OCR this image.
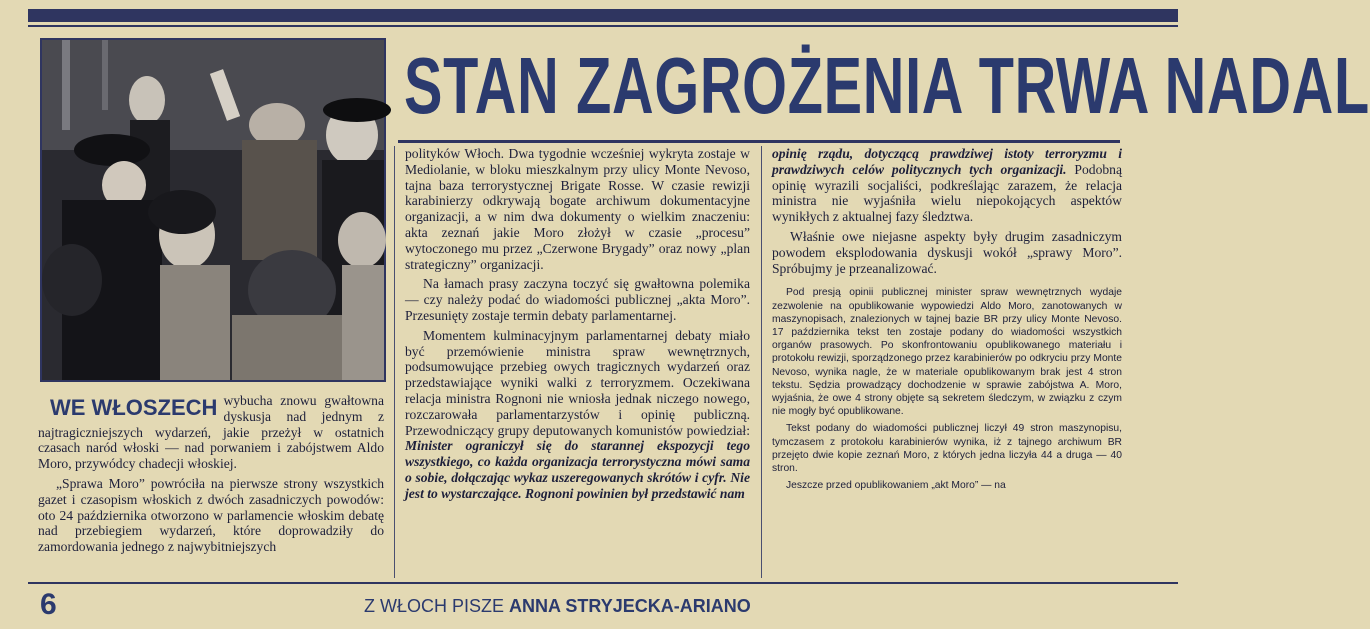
STAN ZAGROŻENIA TRWA NADAL

WE WŁOSZECH wybucha znowu gwałtowna dyskusja nad jednym z najtragiczniejszych wydarzeń, jakie przeżył w ostatnich czasach naród włoski — nad porwaniem i zabójstwem Aldo Moro, przywódcy chadecji włoskiej.

„Sprawa Moro” powróciła na pierwsze strony wszystkich gazet i czasopism włoskich z dwóch zasadniczych powodów: oto 24 października otworzono w parlamencie włoskim debatę nad przebiegiem wydarzeń, które doprowadziły do zamordowania jednego z najwybitniejszych

polityków Włoch. Dwa tygodnie wcześniej wykryta zostaje w Mediolanie, w bloku mieszkalnym przy ulicy Monte Nevoso, tajna baza terrorystycznej Brigate Rosse. W czasie rewizji karabinierzy odkrywają bogate archiwum dokumentacyjne organizacji, a w nim dwa dokumenty o wielkim znaczeniu: akta zeznań jakie Moro złożył w czasie „procesu” wytoczonego mu przez „Czerwone Brygady” oraz nowy „plan strategiczny” organizacji.

Na łamach prasy zaczyna toczyć się gwałtowna polemika — czy należy podać do wiadomości publicznej „akta Moro”. Przesunięty zostaje termin debaty parlamentarnej.

Momentem kulminacyjnym parlamentarnej debaty miało być przemówienie ministra spraw wewnętrznych, podsumowujące przebieg owych tragicznych wydarzeń oraz przedstawiające wyniki walki z terroryzmem. Oczekiwana relacja ministra Rognoni nie wniosła jednak niczego nowego, rozczarowała parlamentarzystów i opinię publiczną. Przewodniczący grupy deputowanych komunistów powiedział: Minister ograniczył się do starannej ekspozycji tego wszystkiego, co każda organizacja terrorystyczna mówi sama o sobie, dołączając wykaz uszeregowanych skrótów i cyfr. Nie jest to wystarczające. Rognoni powinien był przedstawić nam

opinię rządu, dotyczącą prawdziwej istoty terroryzmu i prawdziwych celów politycznych tych organizacji. Podobną opinię wyrazili socjaliści, podkreślając zarazem, że relacja ministra nie wyjaśniła wielu niepokojących aspektów wynikłych z aktualnej fazy śledztwa.

Właśnie owe niejasne aspekty były drugim zasadniczym powodem eksplodowania dyskusji wokół „sprawy Moro”. Spróbujmy je przeanalizować.

Pod presją opinii publicznej minister spraw wewnętrznych wydaje zezwolenie na opublikowanie wypowiedzi Aldo Moro, zanotowanych w maszynopisach, znalezionych w tajnej bazie BR przy ulicy Monte Nevoso. 17 października tekst ten zostaje podany do wiadomości wszystkich organów prasowych. Po skonfrontowaniu opublikowanego materiału i protokołu rewizji, sporządzonego przez karabinierów po odkryciu przy Monte Nevoso, wynika nagle, że w materiale opublikowanym brak jest 4 stron tekstu. Sędzia prowadzący dochodzenie w sprawie zabójstwa A. Moro, wyjaśnia, że owe 4 strony objęte są sekretem śledczym, w związku z czym nie mogły być opublikowane.

Tekst podany do wiadomości publicznej liczył 49 stron maszynopisu, tymczasem z protokołu karabinierów wynika, iż z tajnego archiwum BR przejęto dwie kopie zeznań Moro, z których jedna liczyła 44 a druga — 40 stron.

Jeszcze przed opublikowaniem „akt Moro” — na

6	Z WŁOCH PISZE ANNA STRYJECKA-ARIANO
